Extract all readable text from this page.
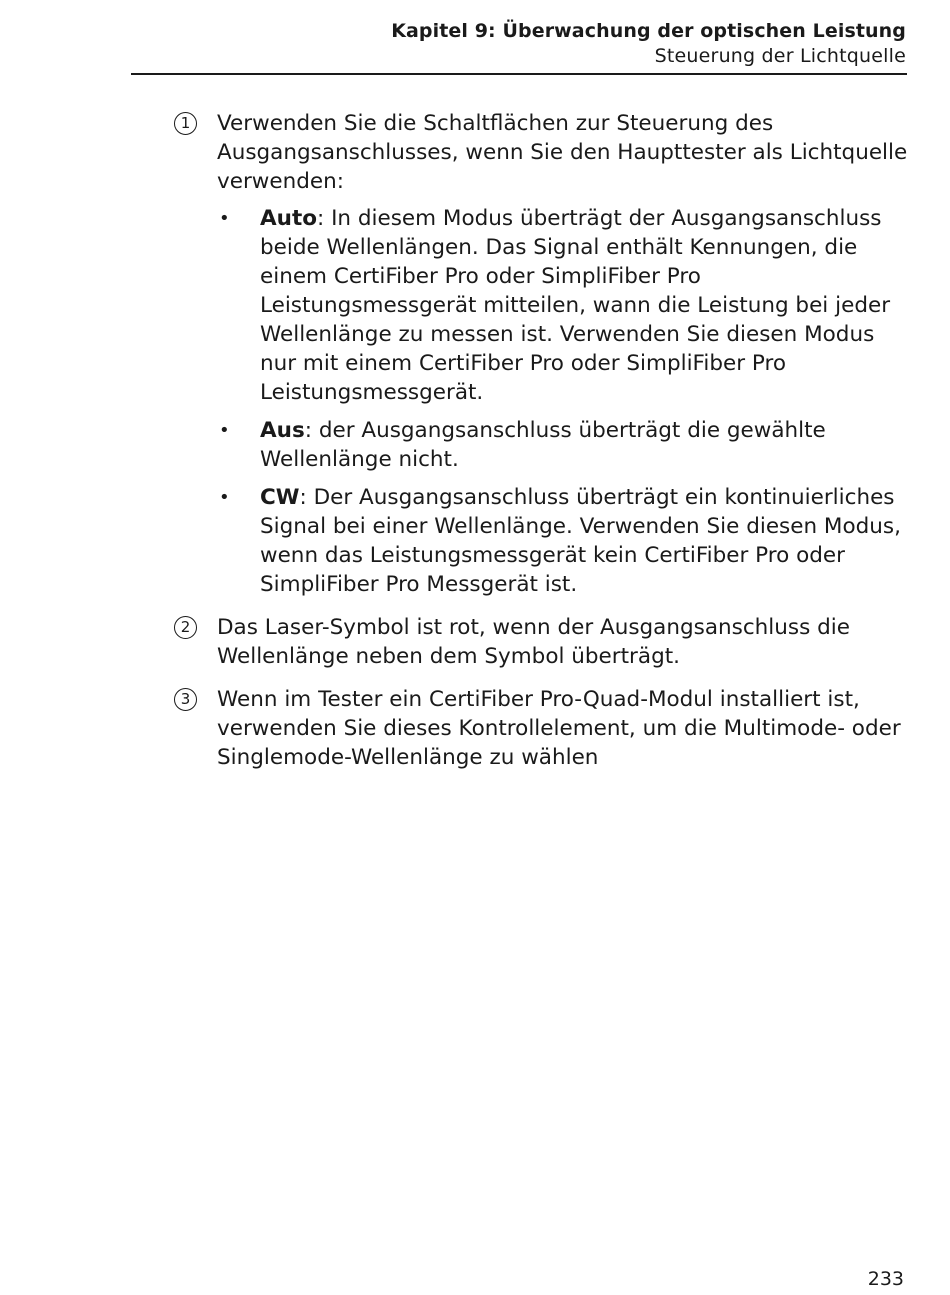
Kapitel 9: Überwachung der optischen Leistung
Steuerung der Lichtquelle
1	Verwenden Sie die Schaltflächen zur Steuerung des Ausgangsanschlusses, wenn Sie den Haupttester als Lichtquelle verwenden:
• Auto: In diesem Modus überträgt der Ausgangsanschluss beide Wellenlängen. Das Signal enthält Kennungen, die einem CertiFiber Pro oder SimpliFiber Pro Leistungsmessgerät mitteilen, wann die Leistung bei jeder Wellenlänge zu messen ist. Verwenden Sie diesen Modus nur mit einem CertiFiber Pro oder SimpliFiber Pro Leistungsmessgerät.
• Aus: der Ausgangsanschluss überträgt die gewählte Wellenlänge nicht.
• CW: Der Ausgangsanschluss überträgt ein kontinuierliches Signal bei einer Wellenlänge. Verwenden Sie diesen Modus, wenn das Leistungsmessgerät kein CertiFiber Pro oder SimpliFiber Pro Messgerät ist.
2	Das Laser-Symbol ist rot, wenn der Ausgangsanschluss die Wellenlänge neben dem Symbol überträgt.
3	Wenn im Tester ein CertiFiber Pro-Quad-Modul installiert ist, verwenden Sie dieses Kontrollelement, um die Multimode- oder Singlemode-Wellenlänge zu wählen
233
